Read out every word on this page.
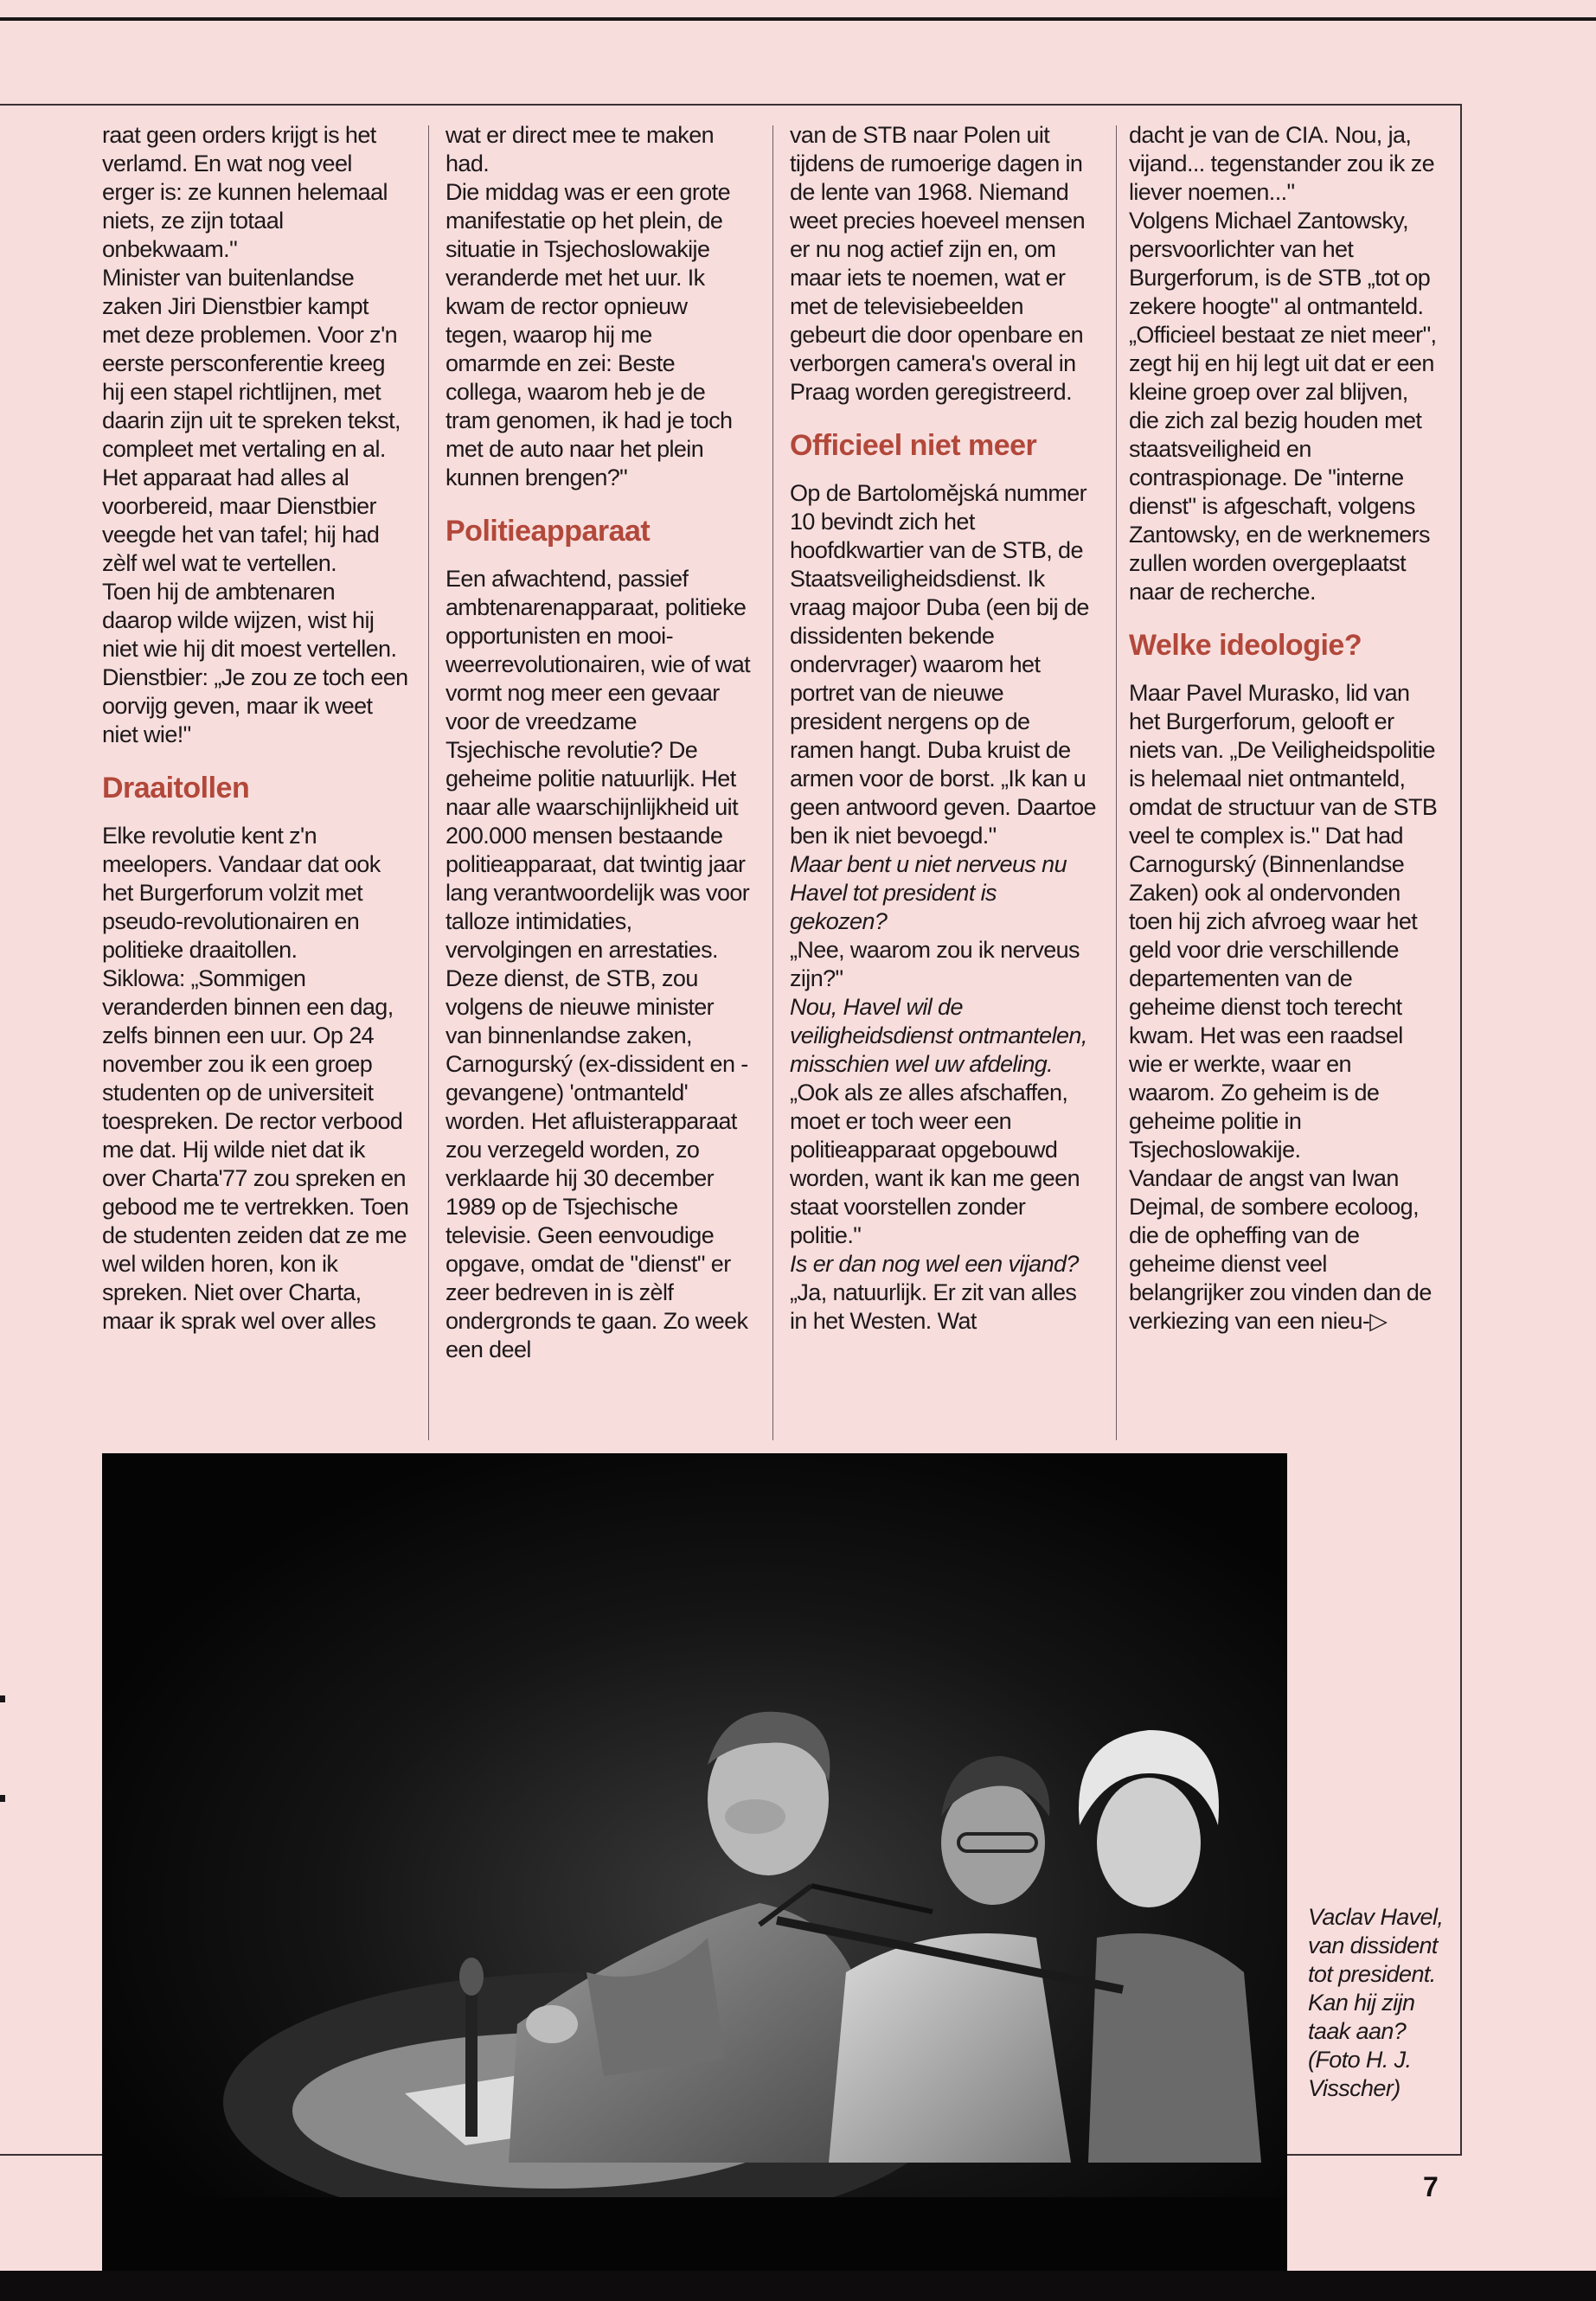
raat geen orders krijgt is het verlamd. En wat nog veel erger is: ze kunnen helemaal niets, ze zijn totaal onbekwaam."

Minister van buitenlandse zaken Jiri Dienstbier kampt met deze problemen. Voor z'n eerste persconferentie kreeg hij een stapel richtlijnen, met daarin zijn uit te spreken tekst, compleet met vertaling en al. Het apparaat had alles al voorbereid, maar Dienstbier veegde het van tafel; hij had zèlf wel wat te vertellen.

Toen hij de ambtenaren daarop wilde wijzen, wist hij niet wie hij dit moest vertellen. Dienstbier: „Je zou ze toch een oorvijg geven, maar ik weet niet wie!"

Draaitollen

Elke revolutie kent z'n meelopers. Vandaar dat ook het Burgerforum volzit met pseudo-revolutionairen en politieke draaitollen.

Siklowa: „Sommigen veranderden binnen een dag, zelfs binnen een uur. Op 24 november zou ik een groep studenten op de universiteit toespreken. De rector verbood me dat. Hij wilde niet dat ik over Charta'77 zou spreken en gebood me te vertrekken. Toen de studenten zeiden dat ze me wel wilden horen, kon ik spreken. Niet over Charta, maar ik sprak wel over alles

wat er direct mee te maken had.

Die middag was er een grote manifestatie op het plein, de situatie in Tsjechoslowakije veranderde met het uur. Ik kwam de rector opnieuw tegen, waarop hij me omarmde en zei: Beste collega, waarom heb je de tram genomen, ik had je toch met de auto naar het plein kunnen brengen?"

Politieapparaat

Een afwachtend, passief ambtenarenapparaat, politieke opportunisten en mooi-weerrevolutionairen, wie of wat vormt nog meer een gevaar voor de vreedzame Tsjechische revolutie? De geheime politie natuurlijk. Het naar alle waarschijnlijkheid uit 200.000 mensen bestaande politieapparaat, dat twintig jaar lang verantwoordelijk was voor talloze intimidaties, vervolgingen en arrestaties.

Deze dienst, de STB, zou volgens de nieuwe minister van binnenlandse zaken, Carnogurský (ex-dissident en -gevangene) 'ontmanteld' worden. Het afluisterapparaat zou verzegeld worden, zo verklaarde hij 30 december 1989 op de Tsjechische televisie. Geen eenvoudige opgave, omdat de "dienst" er zeer bedreven in is zèlf ondergronds te gaan. Zo week een deel

van de STB naar Polen uit tijdens de rumoerige dagen in de lente van 1968. Niemand weet precies hoeveel mensen er nu nog actief zijn en, om maar iets te noemen, wat er met de televisiebeelden gebeurt die door openbare en verborgen camera's overal in Praag worden geregistreerd.

Officieel niet meer

Op de Bartolomějská nummer 10 bevindt zich het hoofdkwartier van de STB, de Staatsveiligheidsdienst. Ik vraag majoor Duba (een bij de dissidenten bekende ondervrager) waarom het portret van de nieuwe president nergens op de ramen hangt. Duba kruist de armen voor de borst. „Ik kan u geen antwoord geven. Daartoe ben ik niet bevoegd."

Maar bent u niet nerveus nu Havel tot president is gekozen?

„Nee, waarom zou ik nerveus zijn?"

Nou, Havel wil de veiligheidsdienst ontmantelen, misschien wel uw afdeling.

„Ook als ze alles afschaffen, moet er toch weer een politieapparaat opgebouwd worden, want ik kan me geen staat voorstellen zonder politie."

Is er dan nog wel een vijand?

„Ja, natuurlijk. Er zit van alles in het Westen. Wat

dacht je van de CIA. Nou, ja, vijand... tegenstander zou ik ze liever noemen..."

Volgens Michael Zantowsky, persvoorlichter van het Burgerforum, is de STB „tot op zekere hoogte" al ontmanteld. „Officieel bestaat ze niet meer", zegt hij en hij legt uit dat er een kleine groep over zal blijven, die zich zal bezig houden met staatsveiligheid en contraspionage. De "interne dienst" is afgeschaft, volgens Zantowsky, en de werknemers zullen worden overgeplaatst naar de recherche.

Welke ideologie?

Maar Pavel Murasko, lid van het Burgerforum, gelooft er niets van. „De Veiligheidspolitie is helemaal niet ontmanteld, omdat de structuur van de STB veel te complex is." Dat had Carnogurský (Binnenlandse Zaken) ook al ondervonden toen hij zich afvroeg waar het geld voor drie verschillende departementen van de geheime dienst toch terecht kwam. Het was een raadsel wie er werkte, waar en waarom. Zo geheim is de geheime politie in Tsjechoslowakije.

Vandaar de angst van Iwan Dejmal, de sombere ecoloog, die de opheffing van de geheime dienst veel belangrijker zou vinden dan de verkiezing van een nieu-▷

Vaclav Havel, van dissident tot president. Kan hij zijn taak aan? (Foto H. J. Visscher)
7
